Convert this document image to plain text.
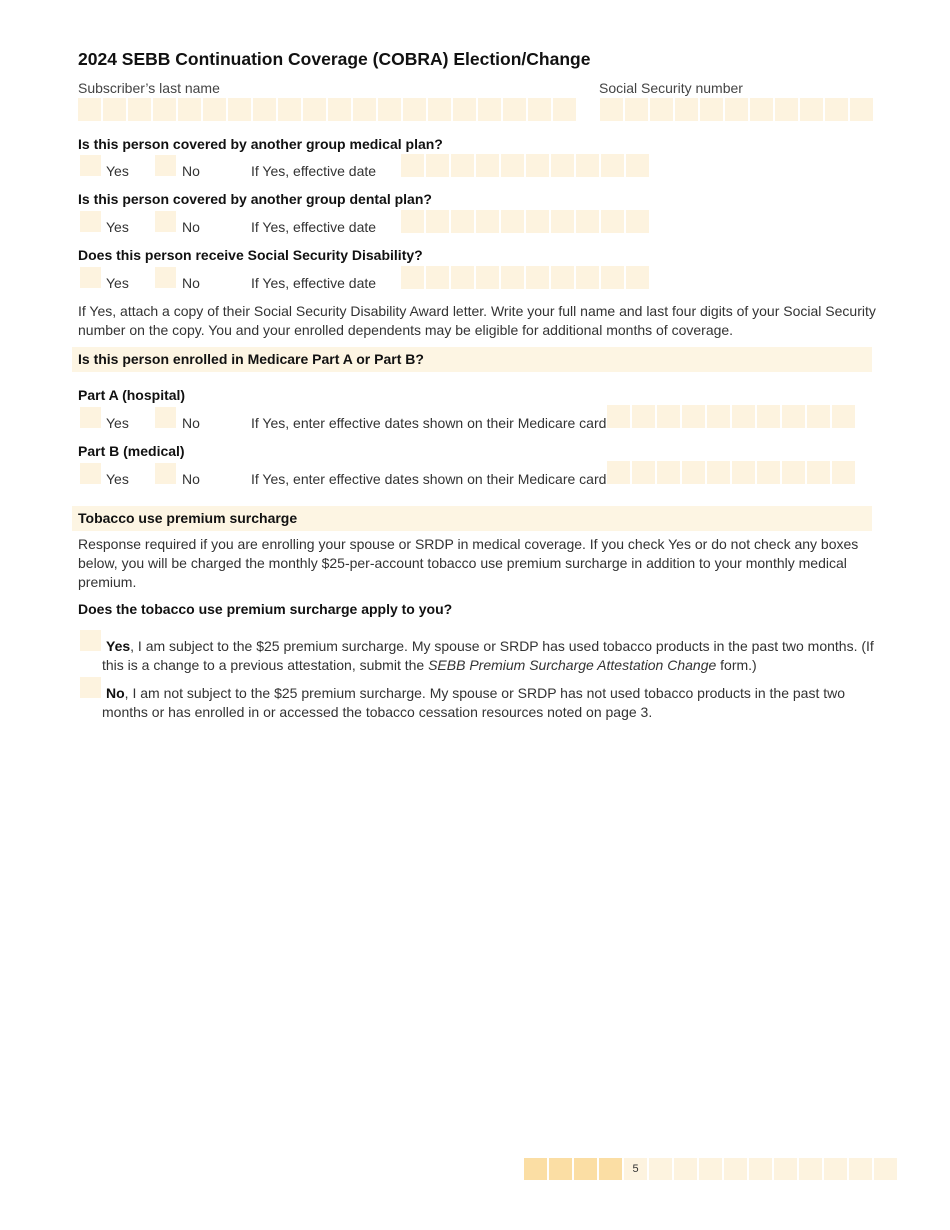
2024 SEBB Continuation Coverage (COBRA) Election/Change
Subscriber’s last name	Social Security number
Is this person covered by another group medical plan?
Yes	No	If Yes, effective date
Is this person covered by another group dental plan?
Yes	No	If Yes, effective date
Does this person receive Social Security Disability?
Yes	No	If Yes, effective date
If Yes, attach a copy of their Social Security Disability Award letter. Write your full name and last four digits of your Social Security number on the copy. You and your enrolled dependents may be eligible for additional months of coverage.
Is this person enrolled in Medicare Part A or Part B?
Part A (hospital)
Yes	No	If Yes, enter effective dates shown on their Medicare card
Part B (medical)
Yes	No	If Yes, enter effective dates shown on their Medicare card
Tobacco use premium surcharge
Response required if you are enrolling your spouse or SRDP in medical coverage. If you check Yes or do not check any boxes below, you will be charged the monthly $25-per-account tobacco use premium surcharge in addition to your monthly medical premium.
Does the tobacco use premium surcharge apply to you?
Yes, I am subject to the $25 premium surcharge. My spouse or SRDP has used tobacco products in the past two months. (If this is a change to a previous attestation, submit the SEBB Premium Surcharge Attestation Change form.)
No, I am not subject to the $25 premium surcharge. My spouse or SRDP has not used tobacco products in the past two months or has enrolled in or accessed the tobacco cessation resources noted on page 3.
5
